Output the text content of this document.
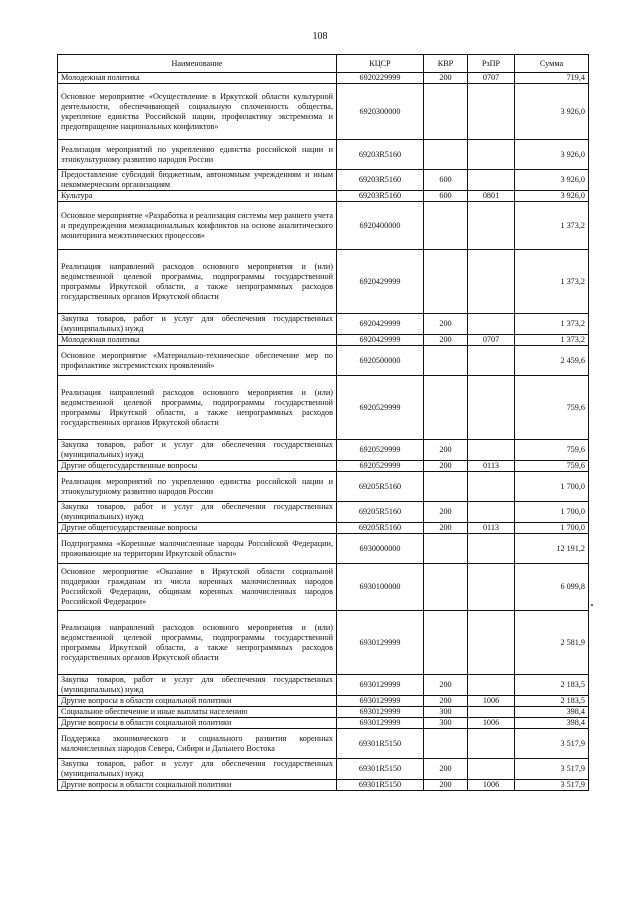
108
Наименование	КЦСР	КВР	РзПР	Сумма
Молодежная политика	6920229999	200	0707	719,4
Основное мероприятие «Осуществление в Иркутской области культурной деятельности, обеспечивающей социальную сплоченность общества, укрепление единства Российской нации, профилактику экстремизма и предотвращение национальных конфликтов»	6920300000			3 926,0
Реализация мероприятий по укреплению единства российской нации и этнокультурному развитию народов России	69203R5160			3 926,0
Предоставление субсидий бюджетным, автономным учреждениям и иным некоммерческим организациям	69203R5160	600		3 926,0
Культура	69203R5160	600	0801	3 926,0
Основное мероприятие «Разработка и реализация системы мер раннего учета и предупреждения межнациональных конфликтов на основе аналитического мониторинга межэтнических процессов»	6920400000			1 373,2
Реализация направлений расходов основного мероприятия и (или) ведомственной целевой программы, подпрограммы государственной программы Иркутской области, а также непрограммных расходов государственных органов Иркутской области	6920429999			1 373,2
Закупка товаров, работ и услуг для обеспечения государственных (муниципальных) нужд	6920429999	200		1 373,2
Молодежная политика	6920429999	200	0707	1 373,2
Основное мероприятие «Материально-техническое обеспечение мер по профилактике экстремистских проявлений»	6920500000			2 459,6
Реализация направлений расходов основного мероприятия и (или) ведомственной целевой программы, подпрограммы государственной программы Иркутской области, а также непрограммных расходов государственных органов Иркутской области	6920529999			759,6
Закупка товаров, работ и услуг для обеспечения государственных (муниципальных) нужд	6920529999	200		759,6
Другие общегосударственные вопросы	6920529999	200	0113	759,6
Реализация мероприятий по укреплению единства российской нации и этнокультурному развитию народов России	69205R5160			1 700,0
Закупка товаров, работ и услуг для обеспечения государственных (муниципальных) нужд	69205R5160	200		1 700,0
Другие общегосударственные вопросы	69205R5160	200	0113	1 700,0
Подпрограмма «Коренные малочисленные народы Российской Федерации, проживающие на территории Иркутской области»	6930000000			12 191,2
Основное мероприятие «Оказание в Иркутской области социальной поддержки гражданам из числа коренных малочисленных народов Российской Федерации, общинам коренных малочисленных народов Российской Федерации»	6930100000			6 099,8
Реализация направлений расходов основного мероприятия и (или) ведомственной целевой программы, подпрограммы государственной программы Иркутской области, а также непрограммных расходов государственных органов Иркутской области	6930129999			2 581,9
Закупка товаров, работ и услуг для обеспечения государственных (муниципальных) нужд	6930129999	200		2 183,5
Другие вопросы в области социальной политики	6930129999	200	1006	2 183,5
Социальное обеспечение и иные выплаты населению	6930129999	300		398,4
Другие вопросы в области социальной политики	6930129999	300	1006	398,4
Поддержка экономического и социального развития коренных малочисленных народов Севера, Сибири и Дальнего Востока	69301R5150			3 517,9
Закупка товаров, работ и услуг для обеспечения государственных (муниципальных) нужд	69301R5150	200		3 517,9
Другие вопросы в области социальной политики	69301R5150	200	1006	3 517,9
